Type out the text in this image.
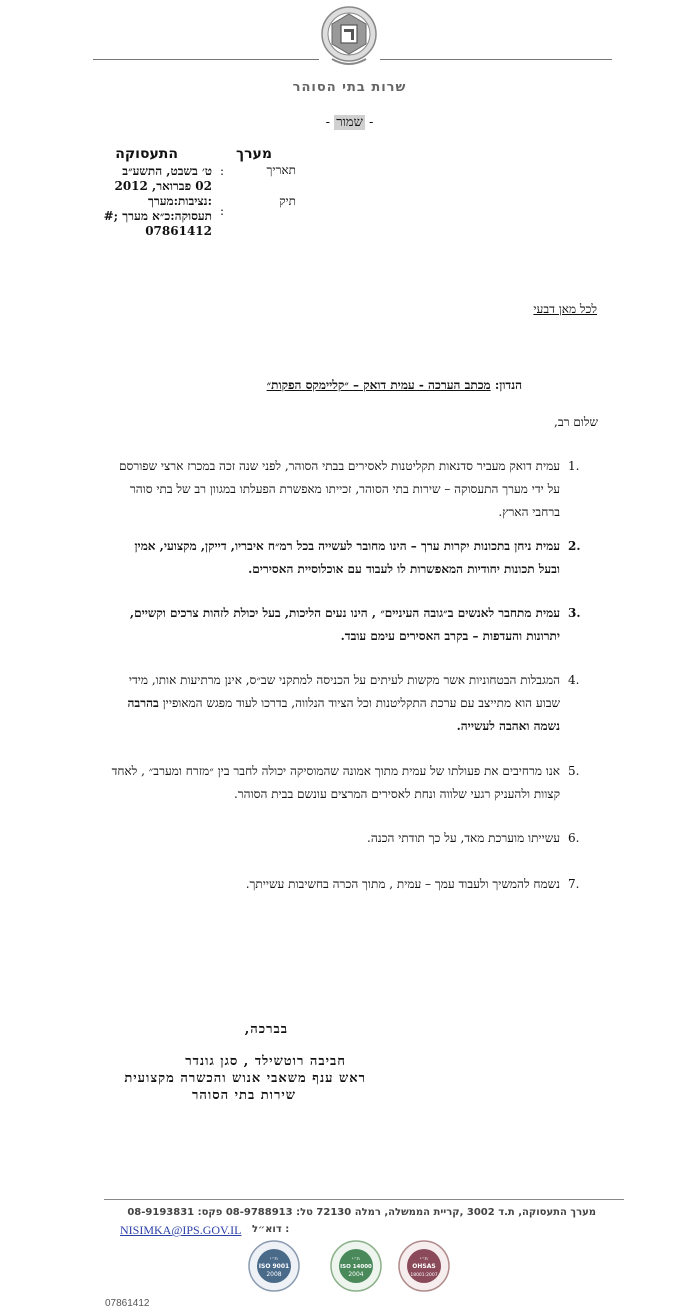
שרות בתי הסוהר
- שמור -
מערך
התעסוקה
תאריך
:
ט׳ בשבט, התשע״ב
02 פברואר, 2012
תיק
:
:נציבות:מערך
תעסוקה:כ״א מערך ;#
07861412
לכל מאן דבעי
הנדון: מכתב הערכה - עמית דואק – ״קליימקס הפקות״
שלום רב,
1.
עמית דואק מעביר סדנאות תקליטנות לאסירים בבתי הסוהר, לפני שנה זכה במכרז ארצי שפורסם על ידי מערך התעסוקה – שירות בתי הסוהר, זכייתו מאפשרת הפעלתו במגוון רב של בתי סוהר ברחבי הארץ.
2.
עמית ניחן בתכונות יקרות ערך – הינו מחובר לעשייה בכל רמ״ח איבריו, דייקן, מקצועי, אמין ובעל תכונות יחודיות המאפשרות לו לעבוד עם אוכלוסיית האסירים.
3.
עמית מתחבר לאנשים ב״גובה העיניים״ , הינו נעים הליכות, בעל יכולת לזהות צרכים וקשיים, יתרונות והעדפות – בקרב האסירים עימם עובד.
4.
המגבלות הבטחוניות אשר מקשות לעיתים על הכניסה למתקני שב״ס, אינן מרתיעות אותו, מידי שבוע הוא מתייצב עם ערכת התקליטנות וכל הציוד הנלווה, בדרכו לעוד מפגש המאופיין בהרבה נשמה ואהבה לעשייה.
5.
אנו מרחיבים את פעולתו של עמית מתוך אמונה שהמוסיקה יכולה לחבר בין ״מזרח ומערב״ , לאחד קצוות ולהעניק רגעי שלווה ונחת לאסירים המרצים עונשם בבית הסוהר.
6.
עשייתו מוערכת מאד, על כך תודתי הכנה.
7.
נשמח להמשיך ולעבוד עמך – עמית , מתוך הכרה בחשיבות עשייתך.
בברכה,
חביבה רוטשילד , סגן גונדר
ראש ענף משאבי אנוש והכשרה מקצועית
שירות בתי הסוהר
מערך התעסוקה, ת.ד 3002 ,קריית הממשלה, רמלה 72130 טל: 08-9788913 פקס: 08-9193831
NISIMKA@IPS.GOV.IL : דוא״ל
ת״י
ISO 9001
2008
ת״י
ISO 14000
2004
ת״י
OHSAS
18001:2007
07861412
